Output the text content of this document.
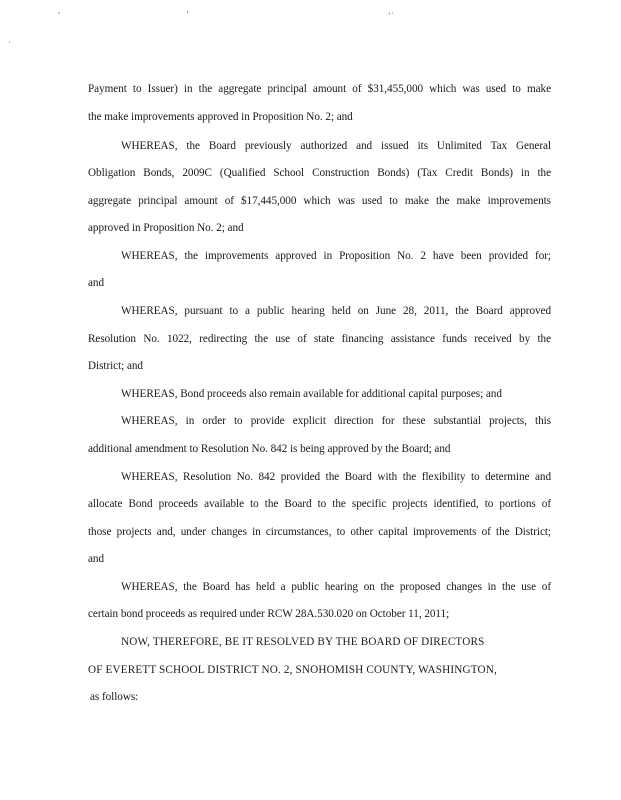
,	‘	’˙
·
Payment to Issuer) in the aggregate principal amount of $31,455,000 which was used to make
the make improvements approved in Proposition No. 2; and
WHEREAS, the Board previously authorized and issued its Unlimited Tax General
Obligation Bonds, 2009C (Qualified School Construction Bonds) (Tax Credit Bonds) in the
aggregate principal amount of $17,445,000 which was used to make the make improvements
approved in Proposition No. 2; and
WHEREAS, the improvements approved in Proposition No. 2 have been provided for;
and
WHEREAS, pursuant to a public hearing held on June 28, 2011, the Board approved
Resolution No. 1022, redirecting the use of state financing assistance funds received by the
District; and
WHEREAS, Bond proceeds also remain available for additional capital purposes; and
WHEREAS, in order to provide explicit direction for these substantial projects, this
additional amendment to Resolution No. 842 is being approved by the Board; and
WHEREAS, Resolution No. 842 provided the Board with the flexibility to determine and
allocate Bond proceeds available to the Board to the specific projects identified, to portions of
those projects and, under changes in circumstances, to other capital improvements of the District;
and
WHEREAS, the Board has held a public hearing on the proposed changes in the use of
certain bond proceeds as required under RCW 28A.530.020 on October 11, 2011;
NOW, THEREFORE, BE IT RESOLVED BY THE BOARD OF DIRECTORS
OF EVERETT SCHOOL DISTRICT NO. 2, SNOHOMISH COUNTY, WASHINGTON,
as follows:
